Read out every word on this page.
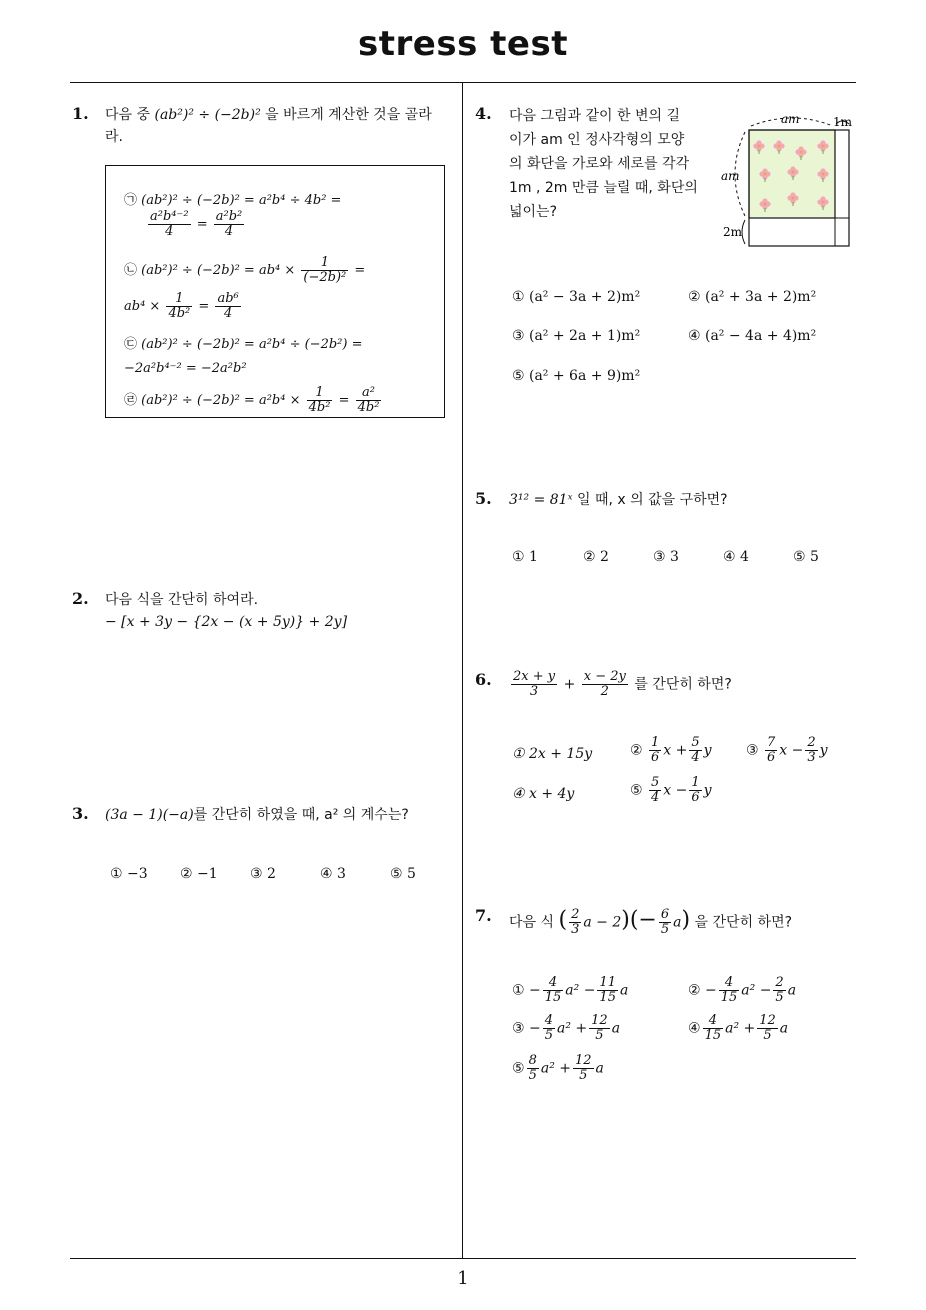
stress test
1
1. 다음 중 (ab²)² ÷ (−2b)² 을 바르게 계산한 것을 골라
라.
㉠ (ab²)² ÷ (−2b)² = a²b⁴ ÷ 4b² =
$\frac{\text{a²b⁴⁻²}}{4} = \frac{\text{a²b²}}{4}$
㉡ $(ab^2)^2 \div (-2b)^2 = ab^4 \times \frac{1}{\text{(−2b)²}}$ =
$ab^4 \times \frac{1}{\text{4b²}} = \frac{\text{ab⁶}}{4}$
㉢ (ab²)² ÷ (−2b)² = a²b⁴ ÷ (−2b²) =
−2a²b⁴⁻² = −2a²b²
㉣ $(ab^2)^2 \div (-2b)^2 = a^2b^4 \times \frac{1}{\text{4b²}} = \frac{\text{a²}}{\text{4b²}}$
2. 다음 식을 간단히 하여라.
− [x + 3y − {2x − (x + 5y)} + 2y]
3. (3a − 1)(−a)를 간단히 하였을 때, a² 의 계수는?
① −3 ② −1 ③ 2	④ 3	⑤ 5
4. 다음 그림과 같이 한 변의 길
이가 am 인 정사각형의 모양
의 화단을 가로와 세로를 각각
1m , 2m 만큼 늘릴 때, 화단의
넓이는?
am	1m
am
2m
① (a² − 3a + 2)m²	② (a² + 3a + 2)m²
③ (a² + 2a + 1)m²	④ (a² − 4a + 4)m²
⑤ (a² + 6a + 9)m²
5. 3¹² = 81ˣ 일 때, x 의 값을 구하면?
① 1	② 2	③ 3	④ 4	⑤ 5
6. $\frac{2x + y}{3} + \frac{x - 2y}{2}$ 를 간단히 하면?
① 2x + 15y	② $\frac{1}{6}$ $x + \frac{5}{4}$ y ③ $\frac{7}{6}$ $x - \frac{2}{3}$ y
④ x + 4y	⑤ $\frac{5}{4}$ $x - \frac{1}{6}$ y
7. 다음 식 ( $\frac{2}{3}$ $a - 2)(- \frac{6}{5} a)$ 을 간단히 하면?
① − $\frac{4}{15} a^2 - \frac{11}{15}$ a	② − $\frac{4}{15} a^2 - \frac{2}{5}$ a
③ − $\frac{4}{5} a^2 + \frac{12}{5}$ a	④ $\frac{4}{15} a^2 + \frac{12}{5}$ a
⑤ $\frac{8}{5} a^2 + \frac{12}{5}$ a
